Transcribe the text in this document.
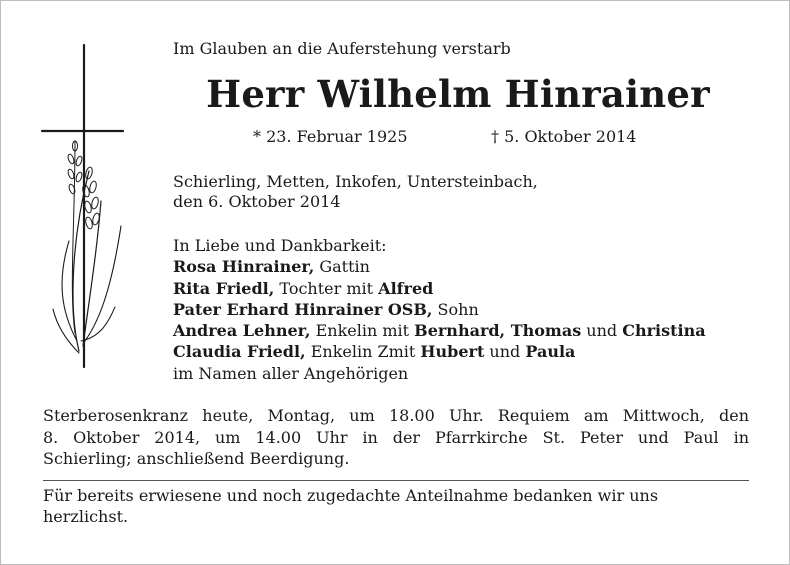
Im Glauben an die Auferstehung verstarb
Herr Wilhelm Hinrainer
* 23. Februar 1925	† 5. Oktober 2014
Schierling, Metten, Inkofen, Untersteinbach,
den 6. Oktober 2014
In Liebe und Dankbarkeit:
Rosa Hinrainer, Gattin
Rita Friedl, Tochter mit Alfred
Pater Erhard Hinrainer OSB, Sohn
Andrea Lehner, Enkelin mit Bernhard, Thomas und Christina
Claudia Friedl, Enkelin Zmit Hubert und Paula
im Namen aller Angehörigen
Sterberosenkranz heute, Montag, um 18.00 Uhr. Requiem am Mittwoch, den
8. Oktober 2014, um 14.00 Uhr in der Pfarrkirche St. Peter und Paul in
Schierling; anschließend Beerdigung.
Für bereits erwiesene und noch zugedachte Anteilnahme bedanken wir uns
herzlichst.
